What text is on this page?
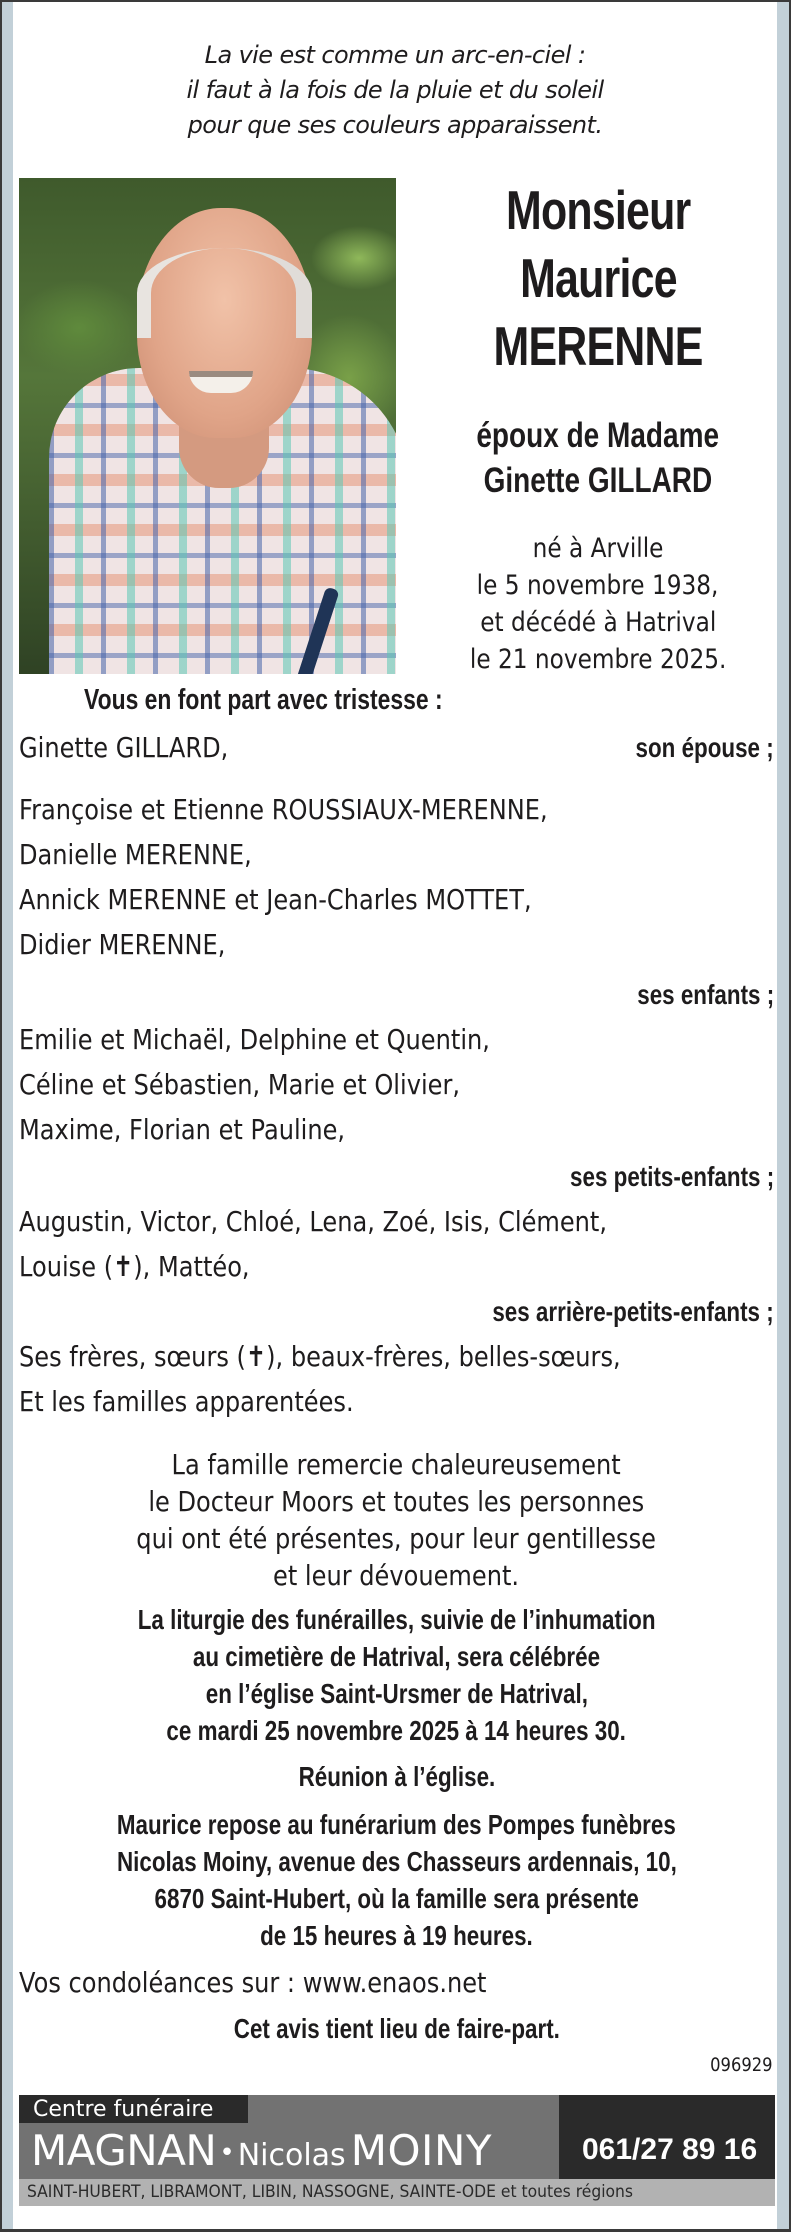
La vie est comme un arc-en-ciel :
il faut à la fois de la pluie et du soleil
pour que ses couleurs apparaissent.
Monsieur
Maurice
MERENNE
époux de Madame
Ginette GILLARD
né à Arville
le 5 novembre 1938,
et décédé à Hatrival
le 21 novembre 2025.
Vous en font part avec tristesse :
Ginette GILLARD,	son épouse ;
Françoise et Etienne ROUSSIAUX-MERENNE,
Danielle MERENNE,
Annick MERENNE et Jean-Charles MOTTET,
Didier MERENNE,
ses enfants ;
Emilie et Michaël, Delphine et Quentin,
Céline et Sébastien, Marie et Olivier,
Maxime, Florian et Pauline,
ses petits-enfants ;
Augustin, Victor, Chloé, Lena, Zoé, Isis, Clément,
Louise (✝), Mattéo,
ses arrière-petits-enfants ;
Ses frères, sœurs (✝), beaux-frères, belles-sœurs,
Et les familles apparentées.
La famille remercie chaleureusement
le Docteur Moors et toutes les personnes
qui ont été présentes, pour leur gentillesse
et leur dévouement.
La liturgie des funérailles, suivie de l’inhumation
au cimetière de Hatrival, sera célébrée
en l’église Saint-Ursmer de Hatrival,
ce mardi 25 novembre 2025 à 14 heures 30.
Réunion à l’église.
Maurice repose au funérarium des Pompes funèbres
Nicolas Moiny, avenue des Chasseurs ardennais, 10,
6870 Saint-Hubert, où la famille sera présente
de 15 heures à 19 heures.
Vos condoléances sur : www.enaos.net
Cet avis tient lieu de faire-part.
096929
Centre funéraire
MAGNAN • Nicolas MOINY	061/27 89 16
SAINT-HUBERT, LIBRAMONT, LIBIN, NASSOGNE, SAINTE-ODE et toutes régions
